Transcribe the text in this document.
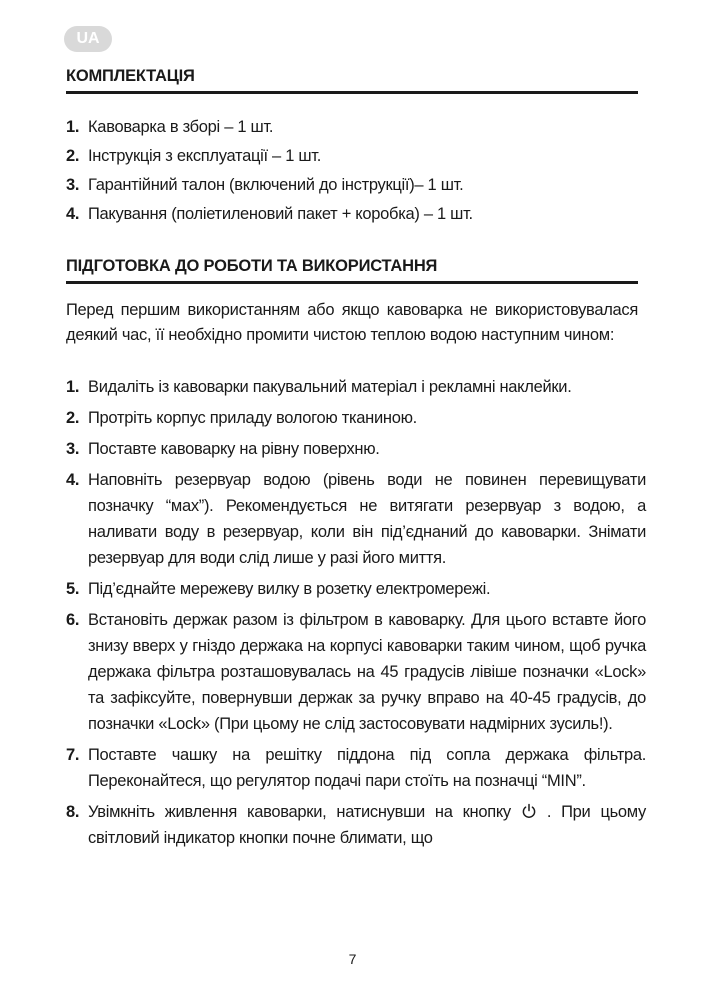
UA
КОМПЛЕКТАЦІЯ
1. Кавоварка в зборі – 1 шт.
2. Інструкція з експлуатації – 1 шт.
3. Гарантійний талон (включений до інструкції)– 1 шт.
4. Пакування (поліетиленовий пакет + коробка) – 1 шт.
ПІДГОТОВКА ДО РОБОТИ ТА ВИКОРИСТАННЯ

Перед першим використанням або якщо кавоварка не використовувалася деякий час, її необхідно промити чистою теплою водою наступним чином:

1. Видаліть із кавоварки пакувальний матеріал і рекламні наклейки.
2. Протріть корпус приладу вологою тканиною.
3. Поставте кавоварку на рівну поверхню.
4. Наповніть резервуар водою (рівень води не повинен перевищувати позначку “мах”). Рекомендується не витягати резервуар з водою, а наливати воду в резервуар, коли він під’єднаний до кавоварки. Знімати резервуар для води слід лише у разі його миття.
5. Під’єднайте мережеву вилку в розетку електромережі.
6. Встановіть держак разом із фільтром в кавоварку. Для цього вставте його знизу вверх у гніздо держака на корпусі кавоварки таким чином, щоб ручка держака фільтра розташовувалась на 45 градусів лівіше позначки «Lock» та зафіксуйте, повернувши держак за ручку вправо на 40-45 градусів, до позначки «Lock» (При цьому не слід застосовувати надмірних зусиль!).
7. Поставте чашку на решітку піддона під сопла держака фільтра. Переконайтеся, що регулятор подачі пари стоїть на позначці “MIN”.
8. Увімкніть живлення кавоварки, натиснувши на кнопку . При цьому світловий індикатор кнопки почне блимати, що
7
